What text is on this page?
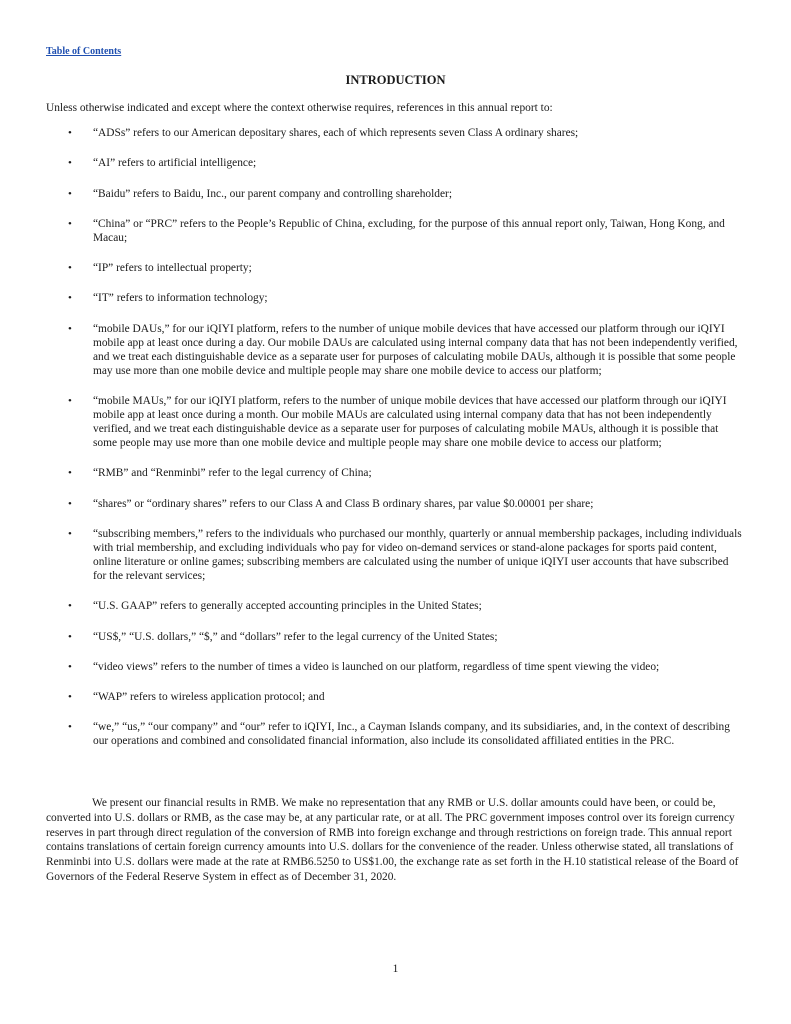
Table of Contents
INTRODUCTION

Unless otherwise indicated and except where the context otherwise requires, references in this annual report to:

• “ADSs” refers to our American depositary shares, each of which represents seven Class A ordinary shares;
• “AI” refers to artificial intelligence;
• “Baidu” refers to Baidu, Inc., our parent company and controlling shareholder;
• “China” or “PRC” refers to the People’s Republic of China, excluding, for the purpose of this annual report only, Taiwan, Hong Kong, and Macau;
• “IP” refers to intellectual property;
• “IT” refers to information technology;
• “mobile DAUs,” for our iQIYI platform, refers to the number of unique mobile devices that have accessed our platform through our iQIYI mobile app at least once during a day. Our mobile DAUs are calculated using internal company data that has not been independently verified, and we treat each distinguishable device as a separate user for purposes of calculating mobile DAUs, although it is possible that some people may use more than one mobile device and multiple people may share one mobile device to access our platform;
• “mobile MAUs,” for our iQIYI platform, refers to the number of unique mobile devices that have accessed our platform through our iQIYI mobile app at least once during a month. Our mobile MAUs are calculated using internal company data that has not been independently verified, and we treat each distinguishable device as a separate user for purposes of calculating mobile MAUs, although it is possible that some people may use more than one mobile device and multiple people may share one mobile device to access our platform;
• “RMB” and “Renminbi” refer to the legal currency of China;
• “shares” or “ordinary shares” refers to our Class A and Class B ordinary shares, par value $0.00001 per share;
• “subscribing members,” refers to the individuals who purchased our monthly, quarterly or annual membership packages, including individuals with trial membership, and excluding individuals who pay for video on-demand services or stand-alone packages for sports paid content, online literature or online games; subscribing members are calculated using the number of unique iQIYI user accounts that have subscribed for the relevant services;
• “U.S. GAAP” refers to generally accepted accounting principles in the United States;
• “US$,” “U.S. dollars,” “$,” and “dollars” refer to the legal currency of the United States;
• “video views” refers to the number of times a video is launched on our platform, regardless of time spent viewing the video;
• “WAP” refers to wireless application protocol; and
• “we,” “us,” “our company” and “our” refer to iQIYI, Inc., a Cayman Islands company, and its subsidiaries, and, in the context of describing our operations and combined and consolidated financial information, also include its consolidated affiliated entities in the PRC.

We present our financial results in RMB. We make no representation that any RMB or U.S. dollar amounts could have been, or could be, converted into U.S. dollars or RMB, as the case may be, at any particular rate, or at all. The PRC government imposes control over its foreign currency reserves in part through direct regulation of the conversion of RMB into foreign exchange and through restrictions on foreign trade. This annual report contains translations of certain foreign currency amounts into U.S. dollars for the convenience of the reader. Unless otherwise stated, all translations of Renminbi into U.S. dollars were made at the rate at RMB6.5250 to US$1.00, the exchange rate as set forth in the H.10 statistical release of the Board of Governors of the Federal Reserve System in effect as of December 31, 2020.

1
